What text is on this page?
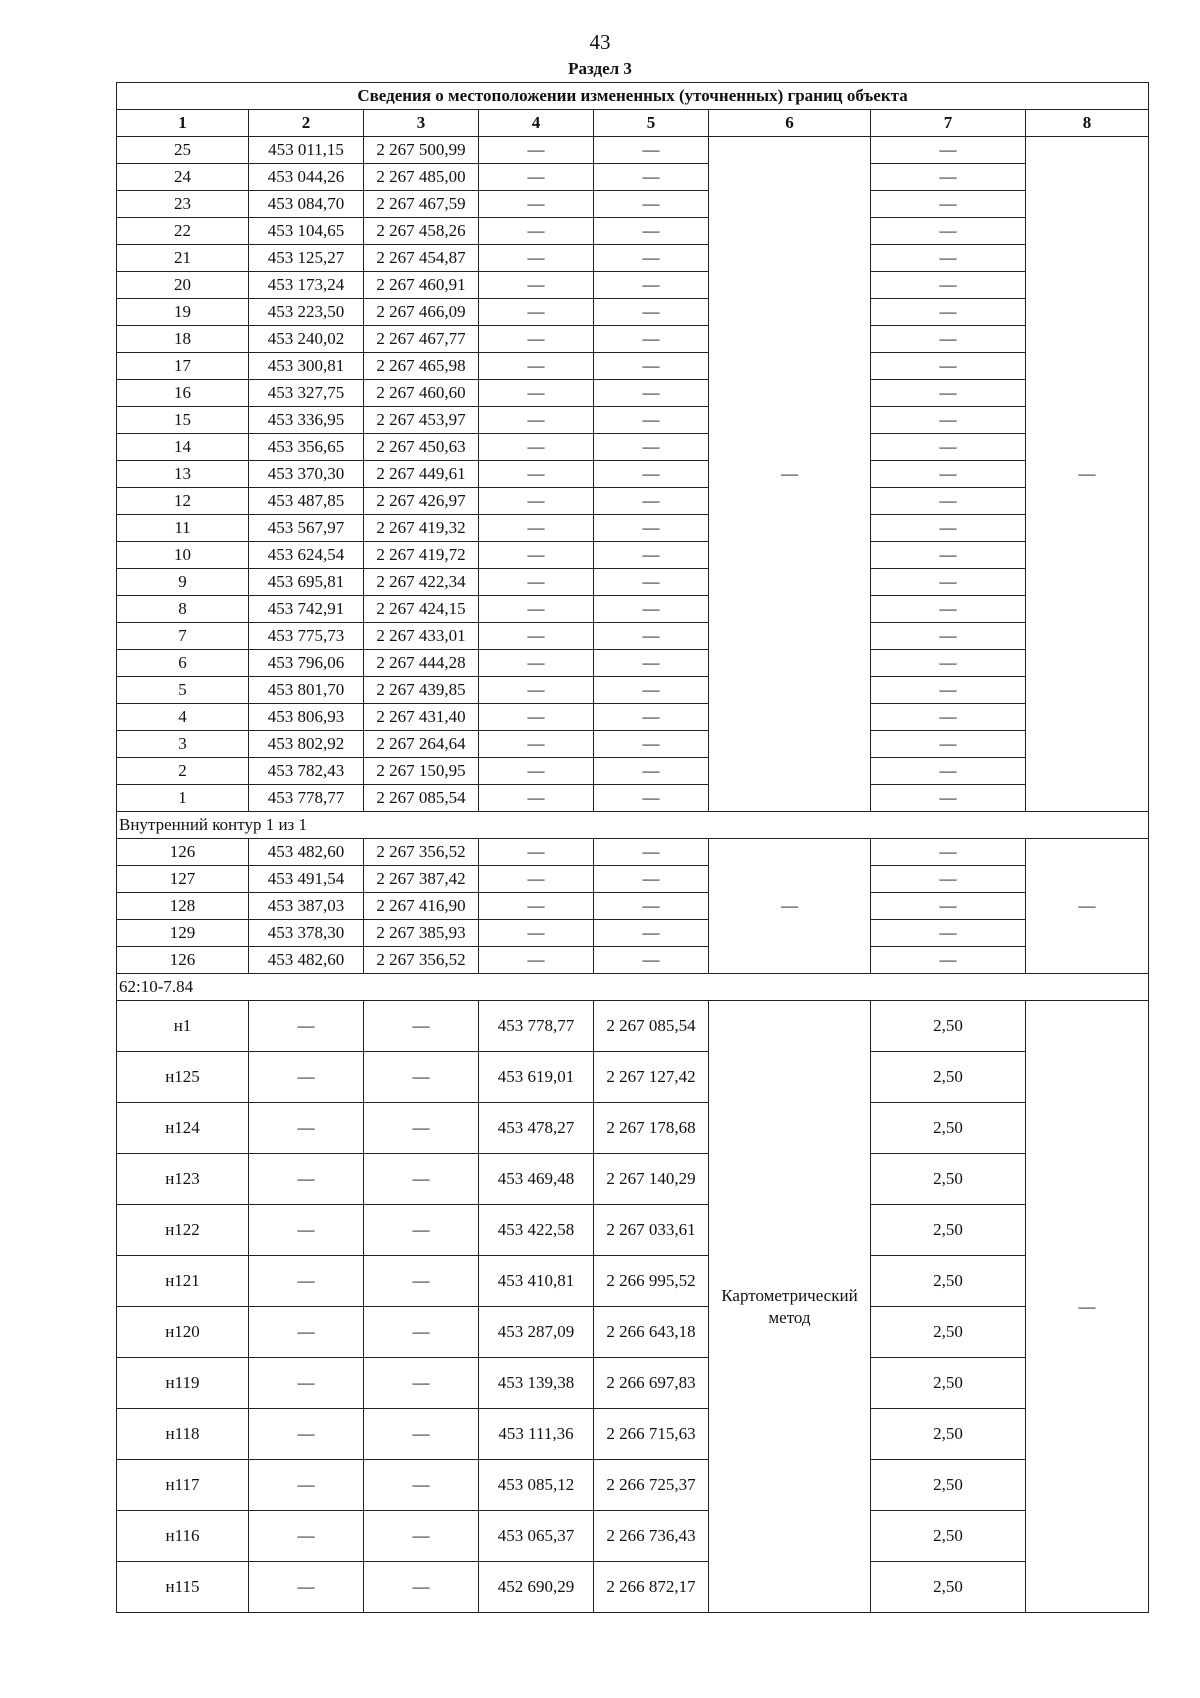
43
Раздел 3
Сведения о местоположении измененных (уточненных) границ объекта							
1	2	3	4	5	6	7	8
25	453 011,15	2 267 500,99	—	—	—	—	—
24	453 044,26	2 267 485,00	—	—		—	
23	453 084,70	2 267 467,59	—	—		—	
22	453 104,65	2 267 458,26	—	—		—	
21	453 125,27	2 267 454,87	—	—		—	
20	453 173,24	2 267 460,91	—	—		—	
19	453 223,50	2 267 466,09	—	—		—	
18	453 240,02	2 267 467,77	—	—		—	
17	453 300,81	2 267 465,98	—	—		—	
16	453 327,75	2 267 460,60	—	—		—	
15	453 336,95	2 267 453,97	—	—		—	
14	453 356,65	2 267 450,63	—	—		—	
13	453 370,30	2 267 449,61	—	—		—	
12	453 487,85	2 267 426,97	—	—		—	
11	453 567,97	2 267 419,32	—	—		—	
10	453 624,54	2 267 419,72	—	—		—	
9	453 695,81	2 267 422,34	—	—		—	
8	453 742,91	2 267 424,15	—	—		—	
7	453 775,73	2 267 433,01	—	—		—	
6	453 796,06	2 267 444,28	—	—		—	
5	453 801,70	2 267 439,85	—	—		—	
4	453 806,93	2 267 431,40	—	—		—	
3	453 802,92	2 267 264,64	—	—		—	
2	453 782,43	2 267 150,95	—	—		—	
1	453 778,77	2 267 085,54	—	—		—	
Внутренний контур 1 из 1							
126	453 482,60	2 267 356,52	—	—	—	—	—
127	453 491,54	2 267 387,42	—	—		—	
128	453 387,03	2 267 416,90	—	—		—	
129	453 378,30	2 267 385,93	—	—		—	
126	453 482,60	2 267 356,52	—	—		—	
62:10-7.84							
н1	—	—	453 778,77	2 267 085,54	Картометрический метод	2,50	—
н125	—	—	453 619,01	2 267 127,42		2,50	
н124	—	—	453 478,27	2 267 178,68		2,50	
н123	—	—	453 469,48	2 267 140,29		2,50	
н122	—	—	453 422,58	2 267 033,61		2,50	
н121	—	—	453 410,81	2 266 995,52		2,50	
н120	—	—	453 287,09	2 266 643,18		2,50	
н119	—	—	453 139,38	2 266 697,83		2,50	
н118	—	—	453 111,36	2 266 715,63		2,50	
н117	—	—	453 085,12	2 266 725,37		2,50	
н116	—	—	453 065,37	2 266 736,43		2,50	
н115	—	—	452 690,29	2 266 872,17		2,50	
